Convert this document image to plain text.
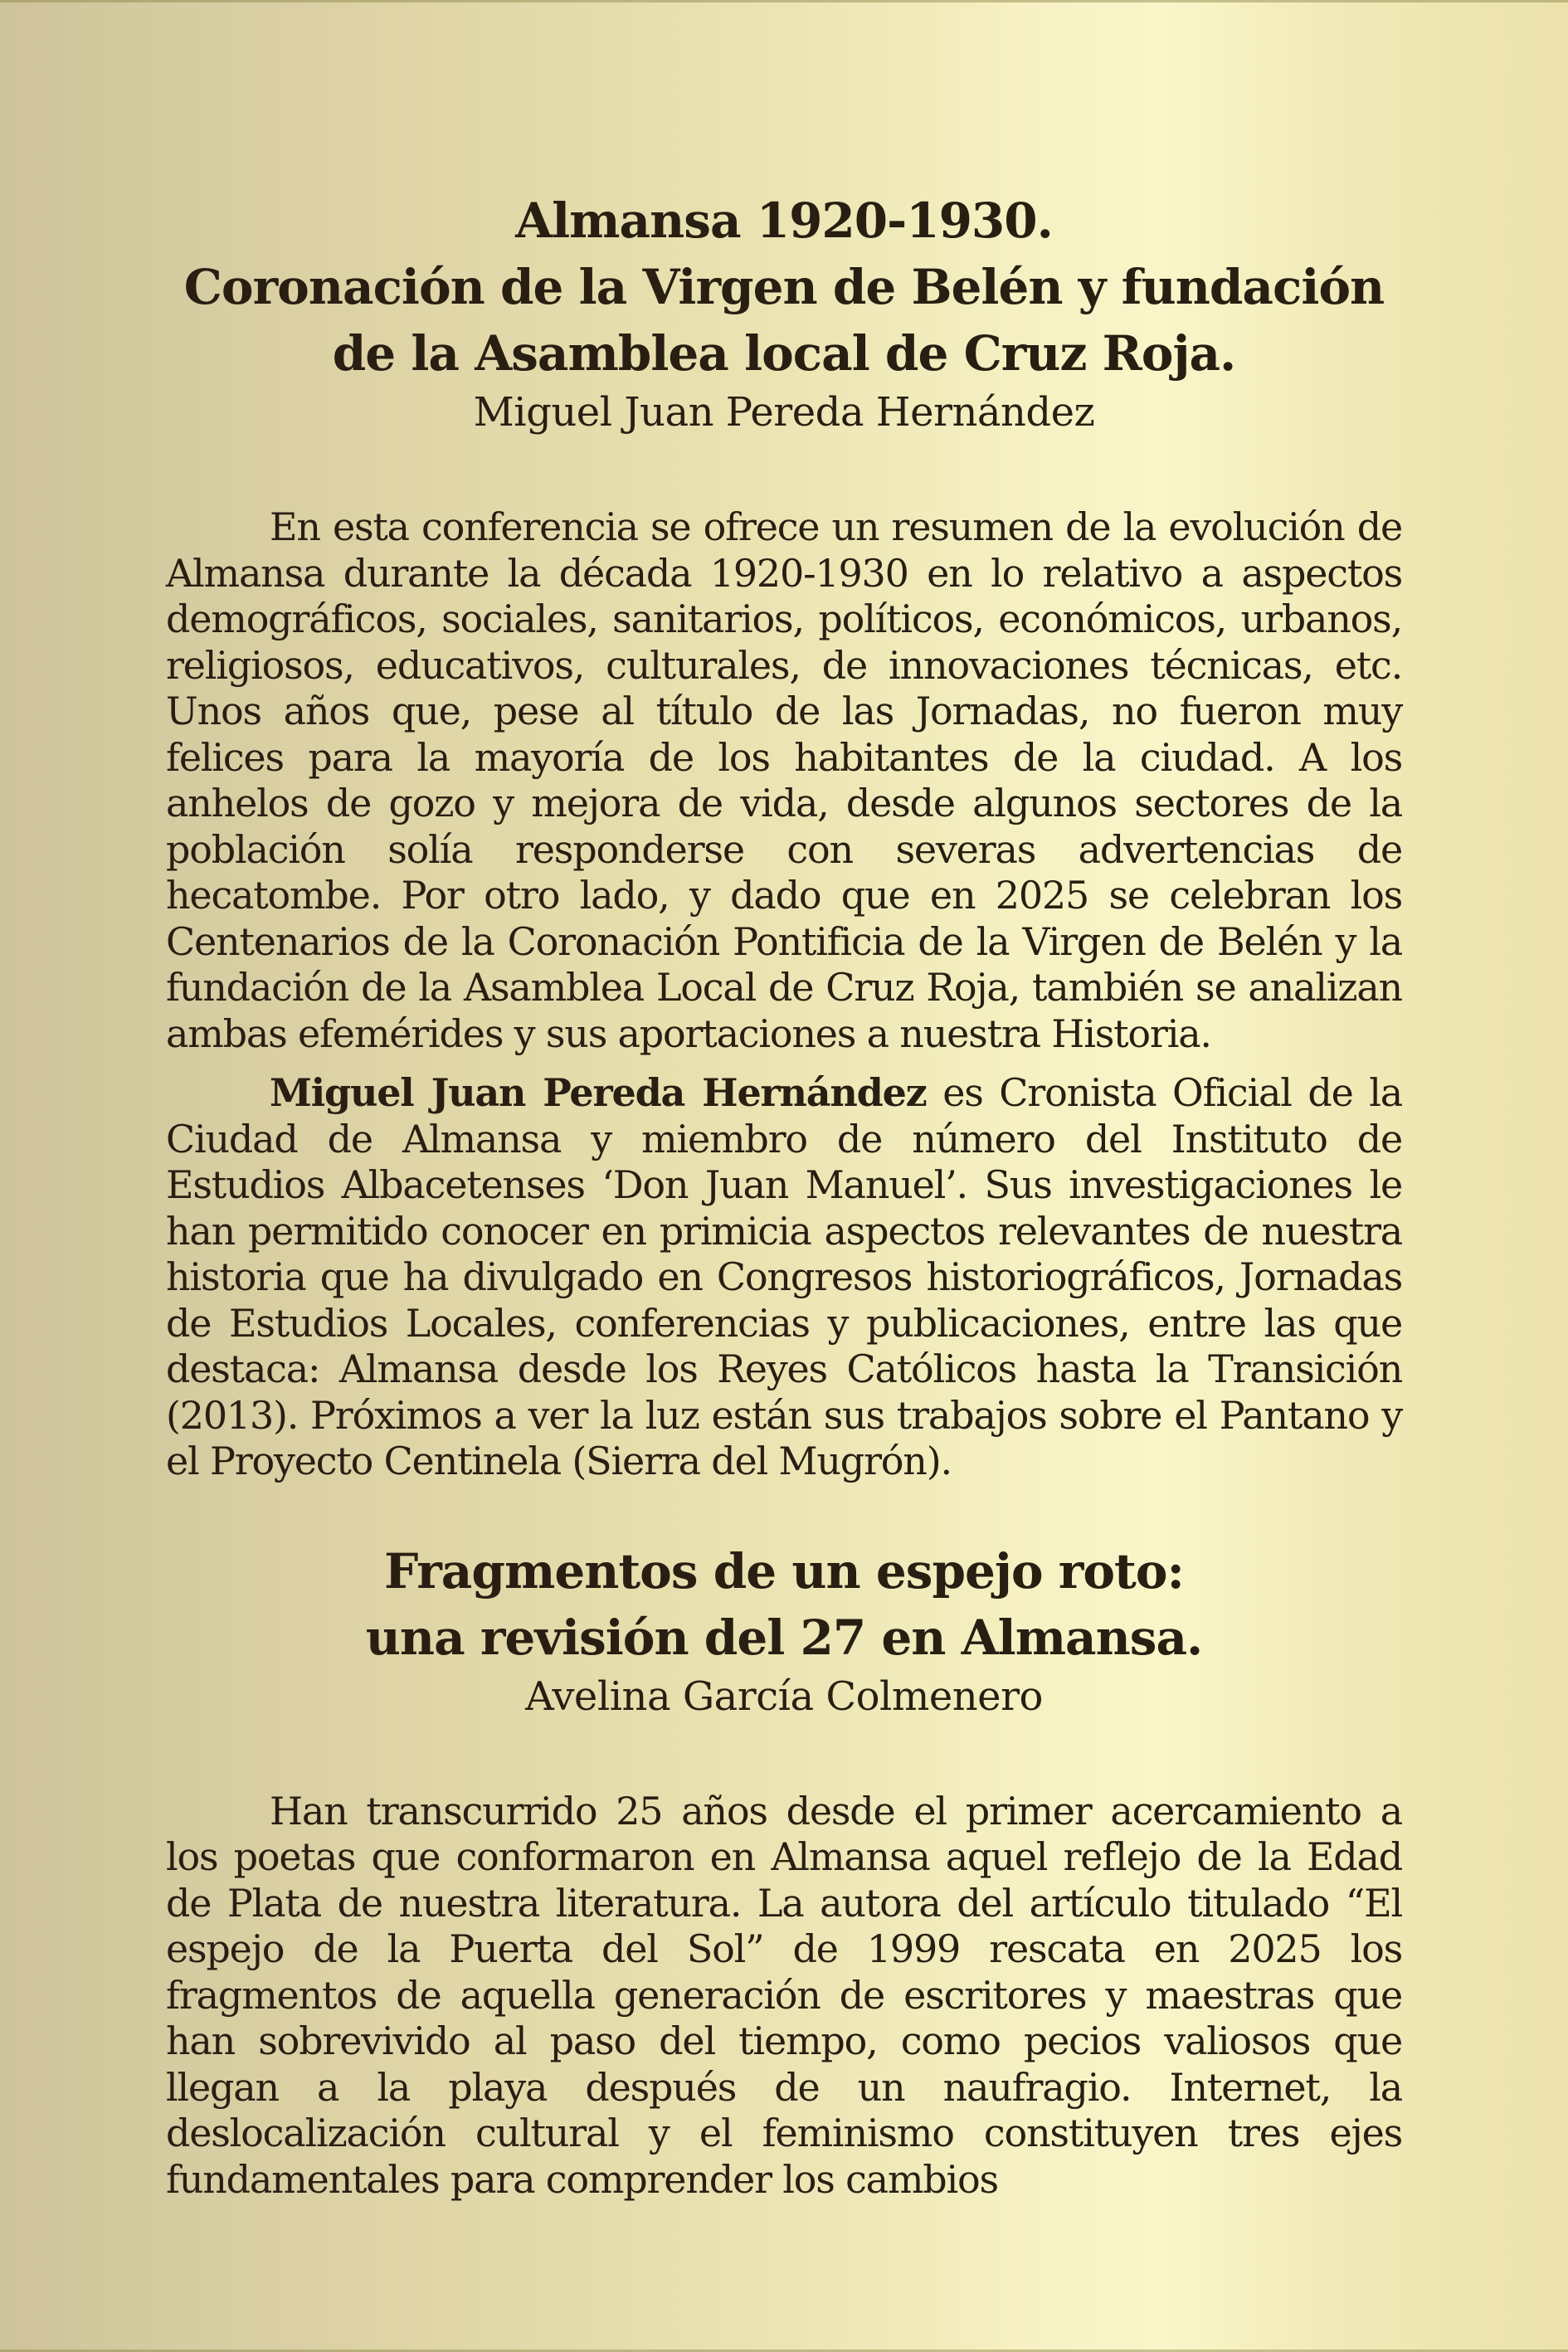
Almansa 1920-1930.
Coronación de la Virgen de Belén y fundación
de la Asamblea local de Cruz Roja.
Miguel Juan Pereda Hernández

En esta conferencia se ofrece un resumen de la evolución de Almansa durante la década 1920-1930 en lo relativo a aspectos demográficos, sociales, sanitarios, políticos, económicos, urbanos, religiosos, educativos, culturales, de innovaciones técnicas, etc. Unos años que, pese al título de las Jornadas, no fueron muy felices para la mayoría de los habitantes de la ciudad. A los anhelos de gozo y mejora de vida, desde algunos sectores de la población solía responderse con severas advertencias de hecatombe. Por otro lado, y dado que en 2025 se celebran los Centenarios de la Coronación Pontificia de la Virgen de Belén y la fundación de la Asamblea Local de Cruz Roja, también se analizan ambas efemérides y sus aportaciones a nuestra Historia.

Miguel Juan Pereda Hernández es Cronista Oficial de la Ciudad de Almansa y miembro de número del Instituto de Estudios Albacetenses ‘Don Juan Manuel’. Sus investigaciones le han permitido conocer en primicia aspectos relevantes de nuestra historia que ha divulgado en Congresos historiográficos, Jornadas de Estudios Locales, conferencias y publicaciones, entre las que destaca: Almansa desde los Reyes Católicos hasta la Transición (2013). Próximos a ver la luz están sus trabajos sobre el Pantano y el Proyecto Centinela (Sierra del Mugrón).

Fragmentos de un espejo roto:
una revisión del 27 en Almansa.
Avelina García Colmenero

Han transcurrido 25 años desde el primer acercamiento a los poetas que conformaron en Almansa aquel reflejo de la Edad de Plata de nuestra literatura. La autora del artículo titulado “El espejo de la Puerta del Sol” de 1999 rescata en 2025 los fragmentos de aquella generación de escritores y maestras que han sobrevivido al paso del tiempo, como pecios valiosos que llegan a la playa después de un naufragio. Internet, la deslocalización cultural y el feminismo constituyen tres ejes fundamentales para comprender los cambios
